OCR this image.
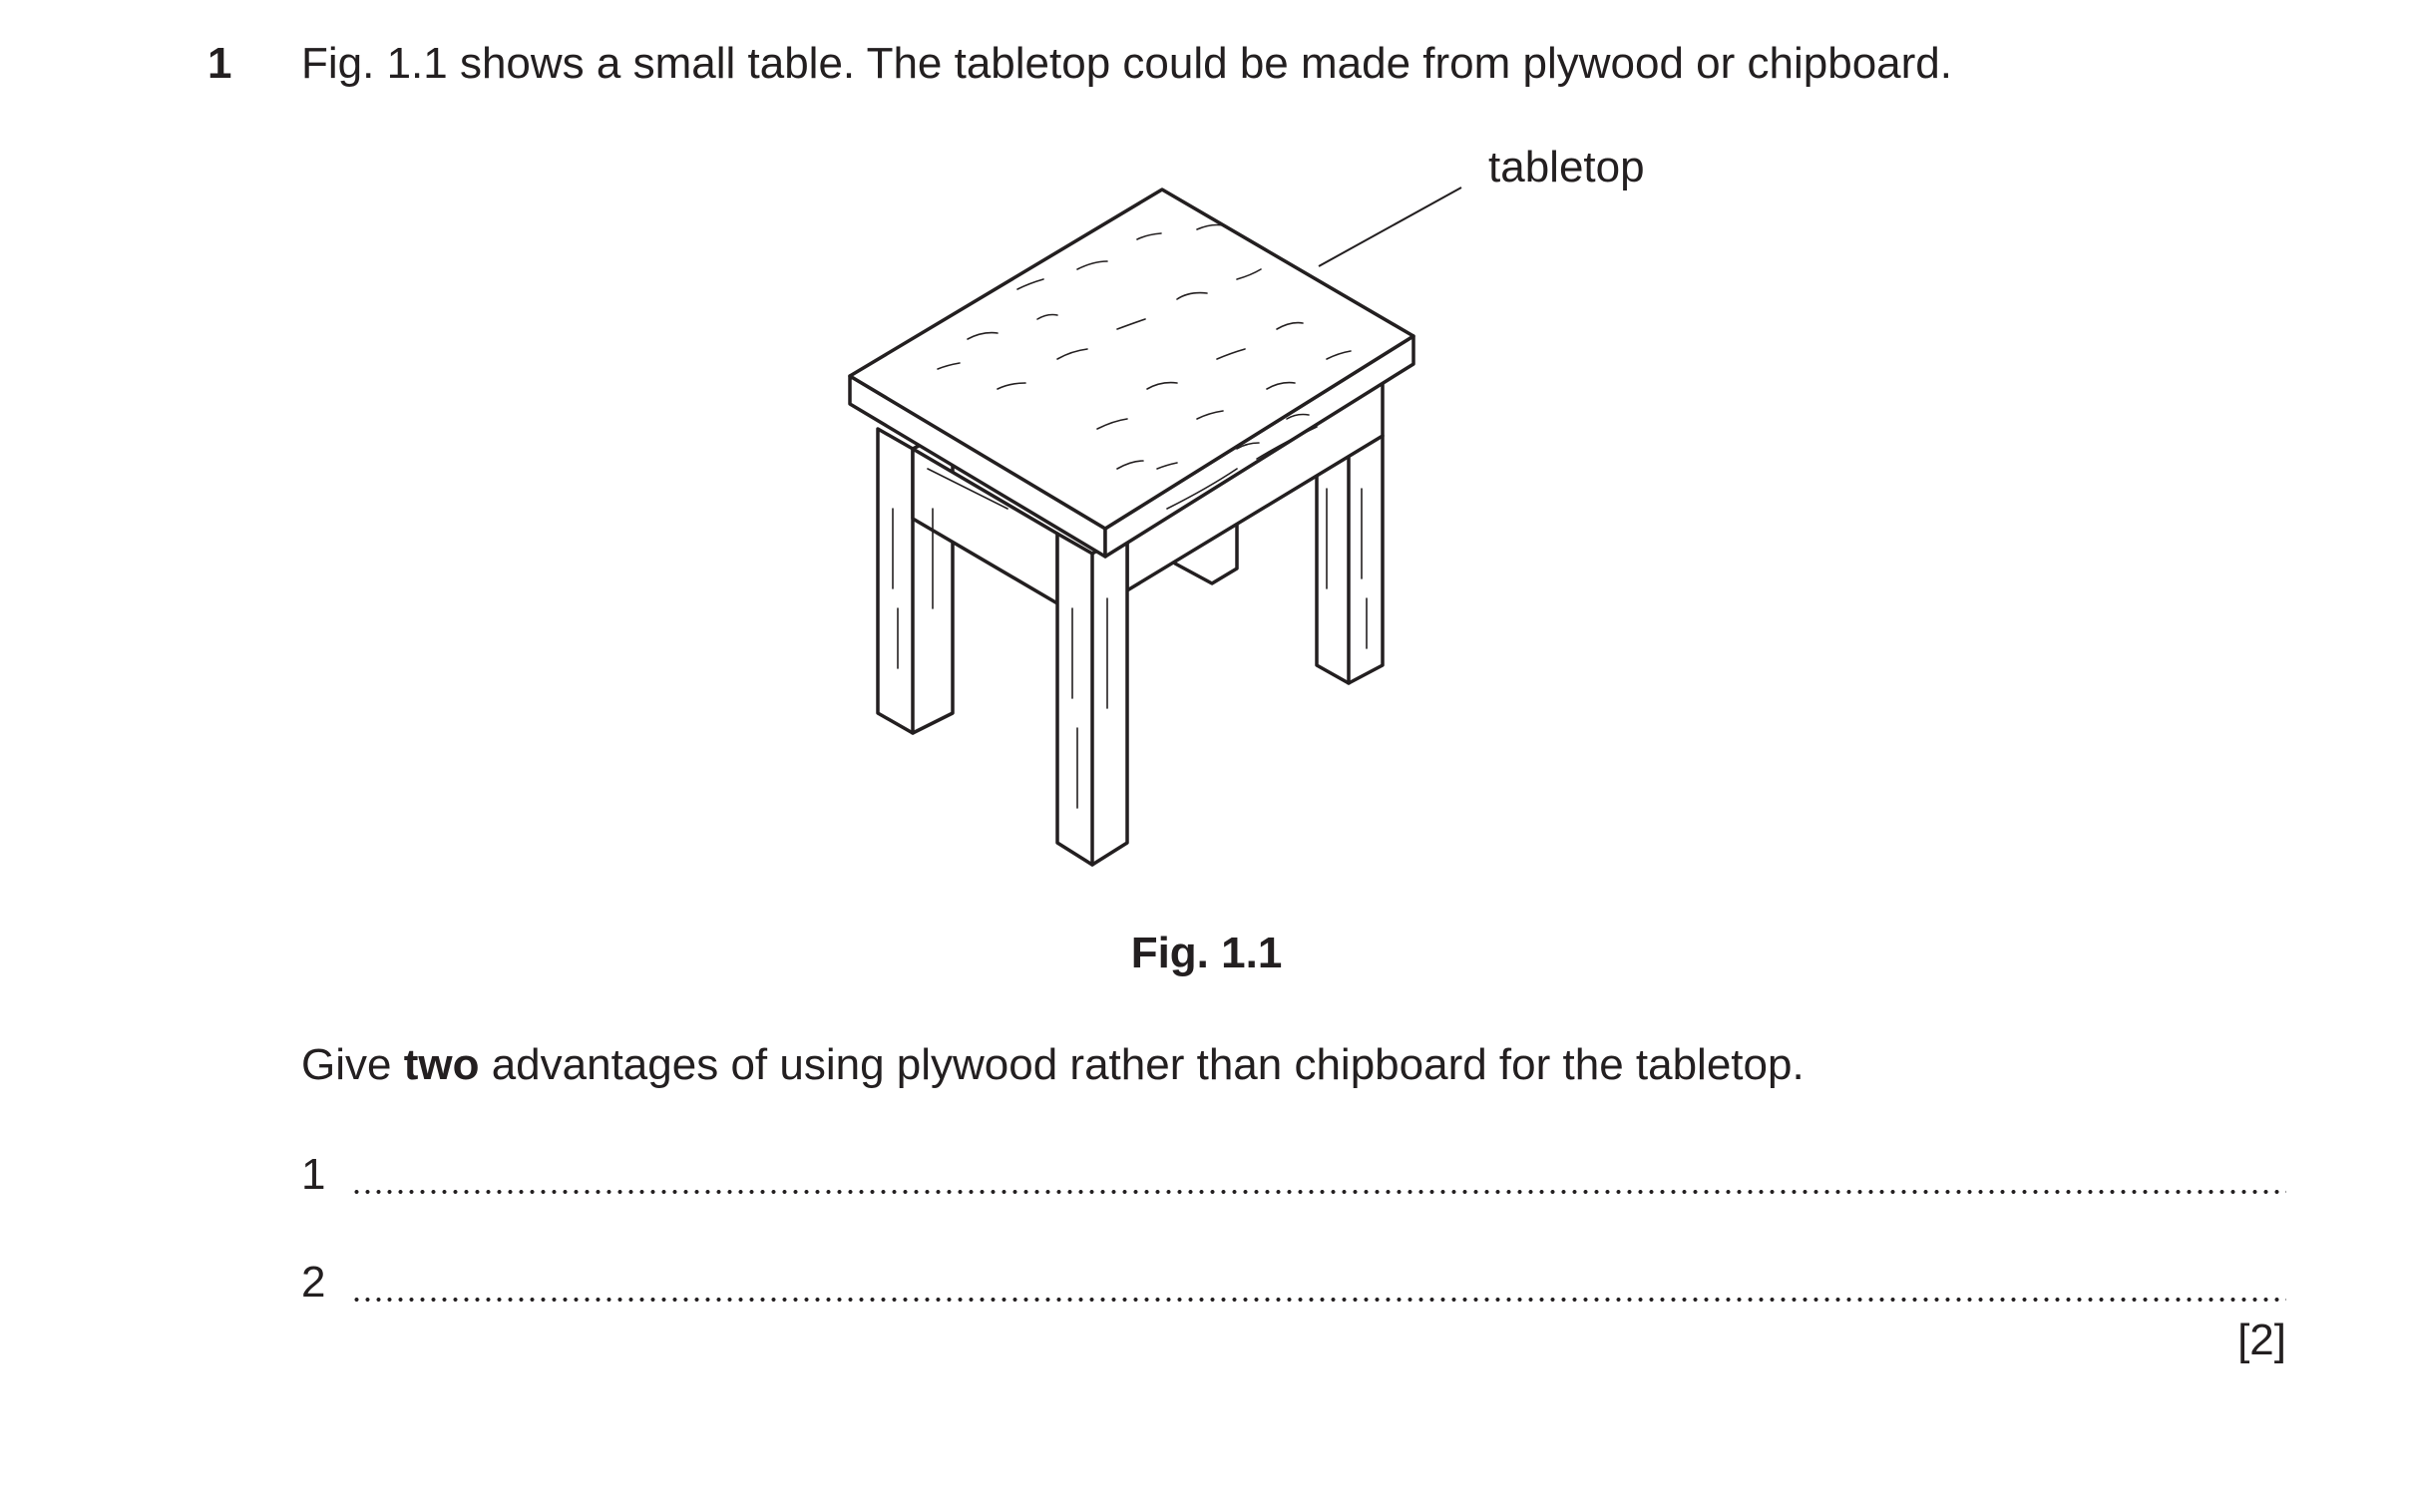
1 Fig. 1.1 shows a small table. The tabletop could be made from plywood or chipboard.
tabletop
Fig. 1.1
Give two advantages of using plywood rather than chipboard for the tabletop.
1
2
[2]
